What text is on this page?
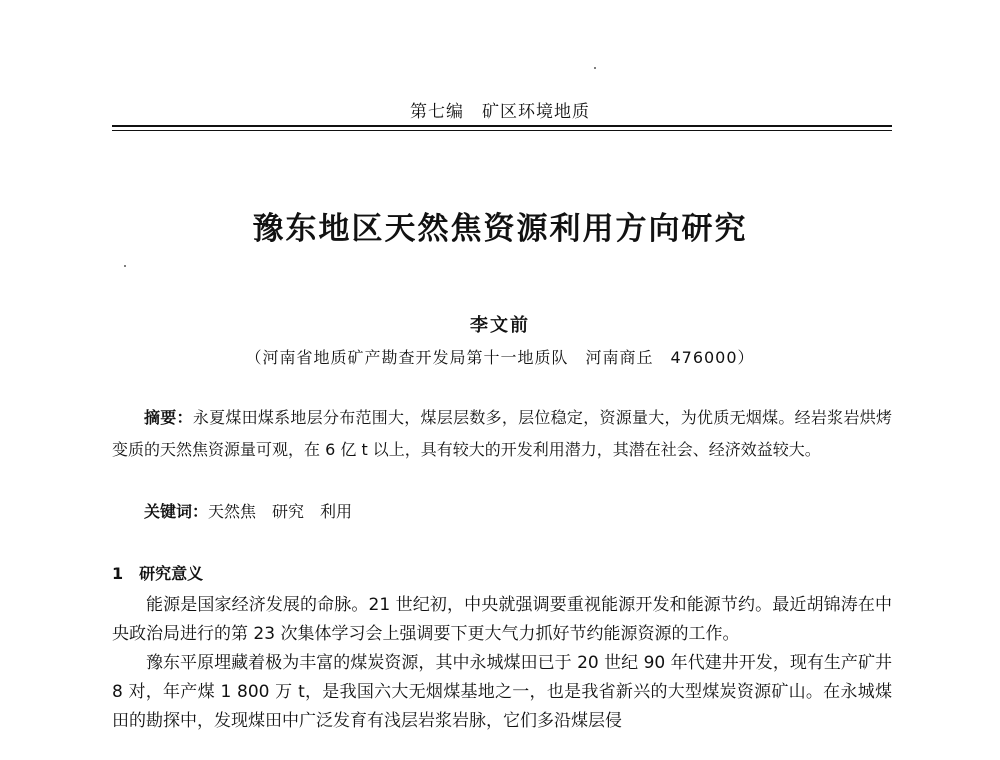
第七编　矿区环境地质
豫东地区天然焦资源利用方向研究
李文前
（河南省地质矿产勘查开发局第十一地质队　河南商丘　476000）
摘要：永夏煤田煤系地层分布范围大，煤层层数多，层位稳定，资源量大，为优质无烟煤。经岩浆岩烘烤变质的天然焦资源量可观，在 6 亿 t 以上，具有较大的开发利用潜力，其潜在社会、经济效益较大。
关键词：天然焦　研究　利用
1　研究意义

能源是国家经济发展的命脉。21 世纪初，中央就强调要重视能源开发和能源节约。最近胡锦涛在中央政治局进行的第 23 次集体学习会上强调要下更大气力抓好节约能源资源的工作。

豫东平原埋藏着极为丰富的煤炭资源，其中永城煤田已于 20 世纪 90 年代建井开发，现有生产矿井 8 对，年产煤 1 800 万 t，是我国六大无烟煤基地之一，也是我省新兴的大型煤炭资源矿山。在永城煤田的勘探中，发现煤田中广泛发育有浅层岩浆岩脉，它们多沿煤层侵
